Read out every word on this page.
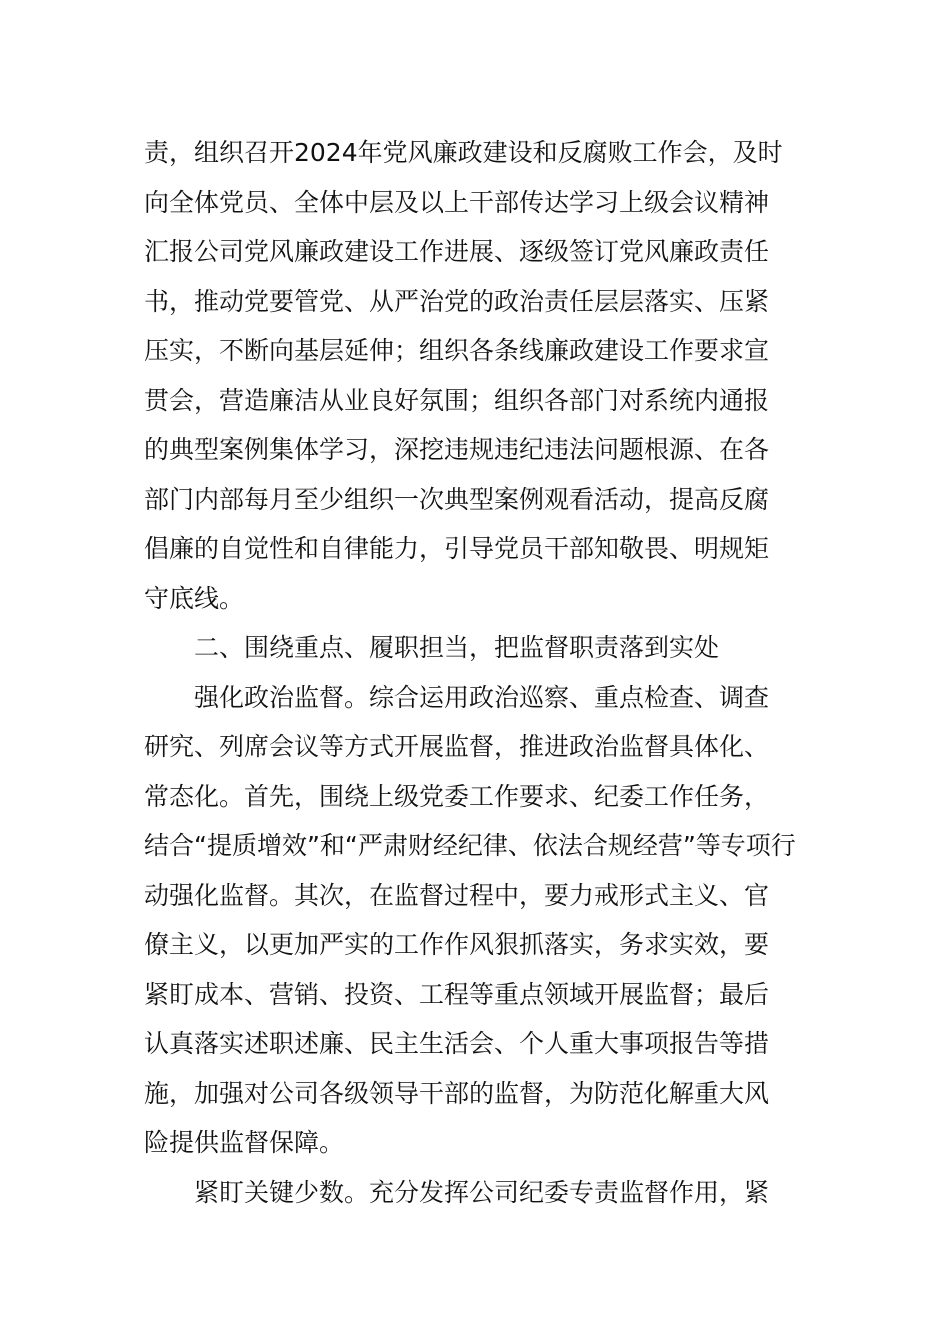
责，组织召开2024年党风廉政建设和反腐败工作会，及时
向全体党员、全体中层及以上干部传达学习上级会议精神
汇报公司党风廉政建设工作进展、逐级签订党风廉政责任
书，推动党要管党、从严治党的政治责任层层落实、压紧
压实，不断向基层延伸；组织各条线廉政建设工作要求宣
贯会，营造廉洁从业良好氛围；组织各部门对系统内通报
的典型案例集体学习，深挖违规违纪违法问题根源、在各
部门内部每月至少组织一次典型案例观看活动，提高反腐
倡廉的自觉性和自律能力，引导党员干部知敬畏、明规矩
守底线。
二、围绕重点、履职担当，把监督职责落到实处
强化政治监督。综合运用政治巡察、重点检查、调查
研究、列席会议等方式开展监督，推进政治监督具体化、
常态化。首先，围绕上级党委工作要求、纪委工作任务，
结合“提质增效”和“严肃财经纪律、依法合规经营”等专项行
动强化监督。其次，在监督过程中，要力戒形式主义、官
僚主义，以更加严实的工作作风狠抓落实，务求实效，要
紧盯成本、营销、投资、工程等重点领域开展监督；最后
认真落实述职述廉、民主生活会、个人重大事项报告等措
施，加强对公司各级领导干部的监督，为防范化解重大风
险提供监督保障。
紧盯关键少数。充分发挥公司纪委专责监督作用，紧
